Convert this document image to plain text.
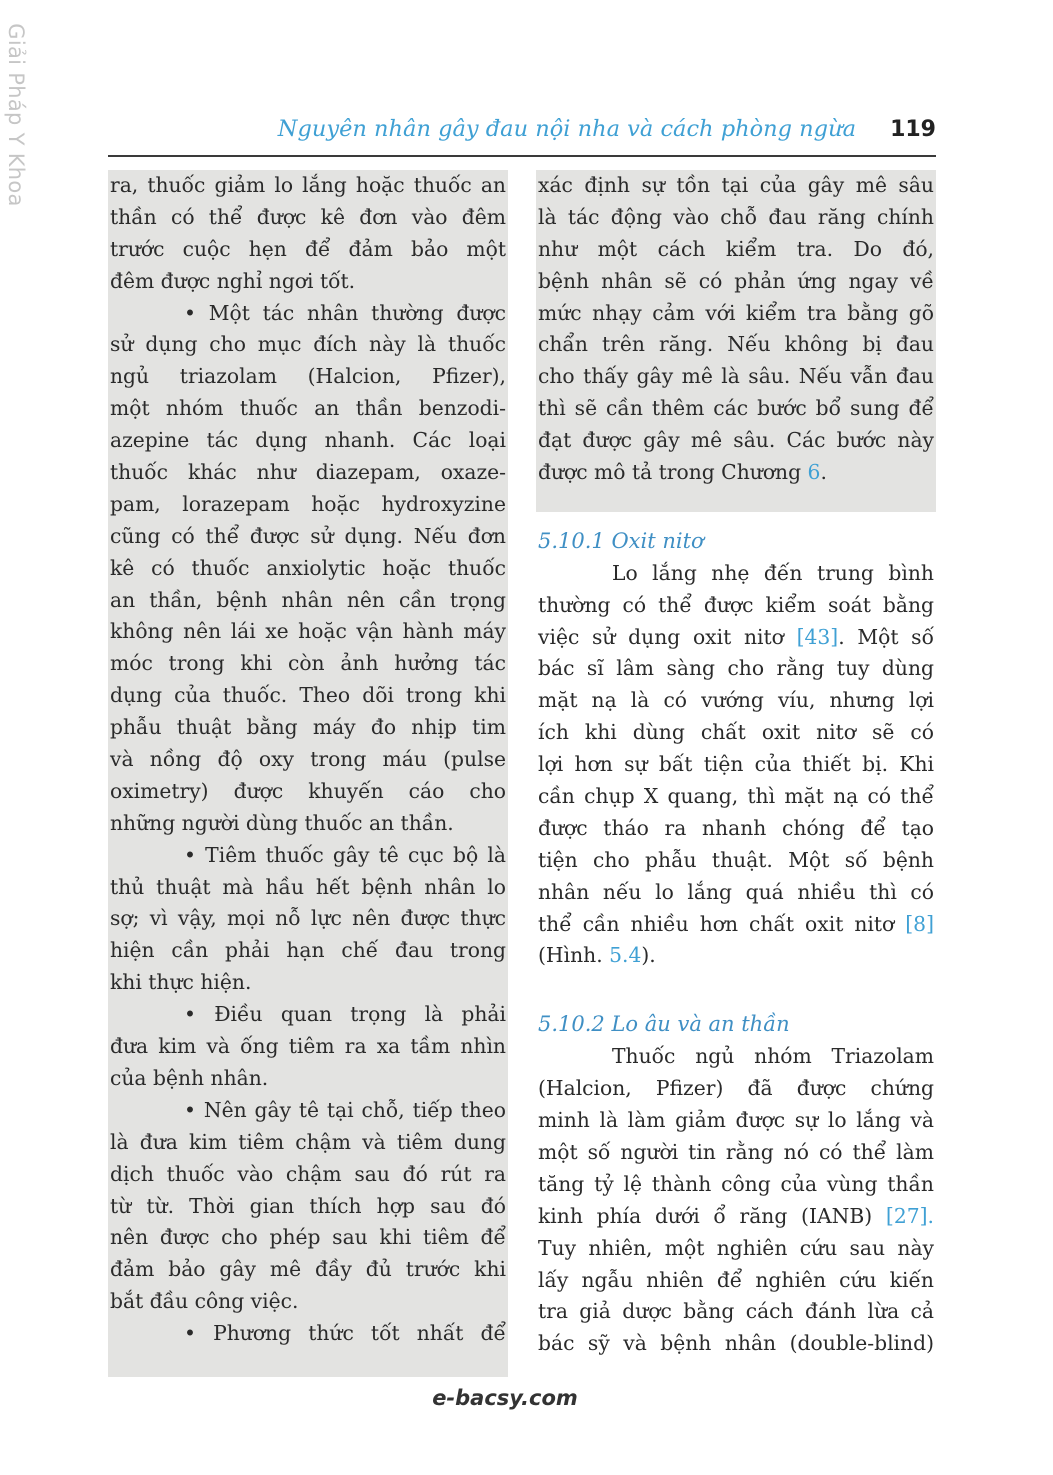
Giải Pháp Y Khoa	Nguyên nhân gây đau nội nha và cách phòng ngừa 119
ra, thuốc giảm lo lắng hoặc thuốc an
thần có thể được kê đơn vào đêm
trước cuộc hẹn để đảm bảo một
đêm được nghỉ ngơi tốt.
• Một tác nhân thường được
sử dụng cho mục đích này là thuốc
ngủ triazolam (Halcion, Pfizer),
một nhóm thuốc an thần benzodi-
azepine tác dụng nhanh. Các loại
thuốc khác như diazepam, oxaze-
pam, lorazepam hoặc hydroxyzine
cũng có thể được sử dụng. Nếu đơn
kê có thuốc anxiolytic hoặc thuốc
an thần, bệnh nhân nên cần trọng
không nên lái xe hoặc vận hành máy
móc trong khi còn ảnh hưởng tác
dụng của thuốc. Theo dõi trong khi
phẫu thuật bằng máy đo nhịp tim
và nồng độ oxy trong máu (pulse
oximetry) được khuyến cáo cho
những người dùng thuốc an thần.
• Tiêm thuốc gây tê cục bộ là
thủ thuật mà hầu hết bệnh nhân lo
sợ; vì vậy, mọi nỗ lực nên được thực
hiện cần phải hạn chế đau trong
khi thực hiện.
• Điều quan trọng là phải
đưa kim và ống tiêm ra xa tầm nhìn
của bệnh nhân.
• Nên gây tê tại chỗ, tiếp theo
là đưa kim tiêm chậm và tiêm dung
dịch thuốc vào chậm sau đó rút ra
từ từ. Thời gian thích hợp sau đó
nên được cho phép sau khi tiêm để
đảm bảo gây mê đầy đủ trước khi
bắt đầu công việc.
• Phương thức tốt nhất để
xác định sự tồn tại của gây mê sâu
là tác động vào chỗ đau răng chính
như một cách kiểm tra. Do đó,
bệnh nhân sẽ có phản ứng ngay về
mức nhạy cảm với kiểm tra bằng gõ
chẩn trên răng. Nếu không bị đau
cho thấy gây mê là sâu. Nếu vẫn đau
thì sẽ cần thêm các bước bổ sung để
đạt được gây mê sâu. Các bước này
được mô tả trong Chương 6.
5.10.1 Oxit nitơ
Lo lắng nhẹ đến trung bình
thường có thể được kiểm soát bằng
việc sử dụng oxit nitơ [43]. Một số
bác sĩ lâm sàng cho rằng tuy dùng
mặt nạ là có vướng víu, nhưng lợi
ích khi dùng chất oxit nitơ sẽ có
lợi hơn sự bất tiện của thiết bị. Khi
cần chụp X quang, thì mặt nạ có thể
được tháo ra nhanh chóng để tạo
tiện cho phẫu thuật. Một số bệnh
nhân nếu lo lắng quá nhiều thì có
thể cần nhiều hơn chất oxit nitơ [8]
(Hình. 5.4).
5.10.2 Lo âu và an thần
Thuốc ngủ nhóm Triazolam
(Halcion, Pfizer) đã được chứng
minh là làm giảm được sự lo lắng và
một số người tin rằng nó có thể làm
tăng tỷ lệ thành công của vùng thần
kinh phía dưới ổ răng (IANB) [27].
Tuy nhiên, một nghiên cứu sau này
lấy ngẫu nhiên để nghiên cứu kiến
tra giả dược bằng cách đánh lừa cả
bác sỹ và bệnh nhân (double-blind)
e-bacsy.com
